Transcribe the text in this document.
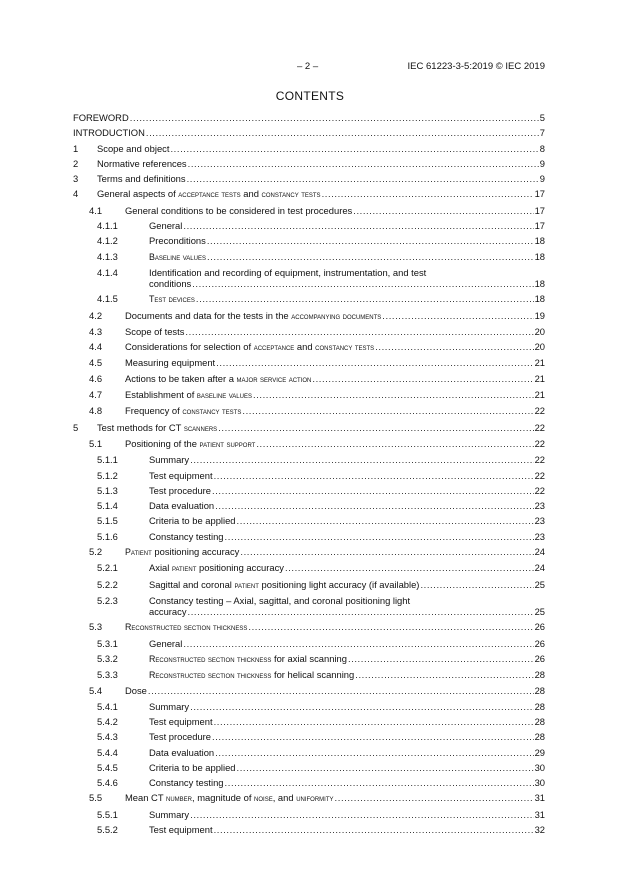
– 2 –	IEC 61223-3-5:2019 © IEC 2019
CONTENTS
FOREWORD .....	5
INTRODUCTION .....	7
1 Scope and object .....	8
2 Normative references .....	9
3 Terms and definitions .....	9
4 General aspects of acceptance tests and constancy tests .....	17
4.1 General conditions to be considered in test procedures .....	17
4.1.1	General .....	17
4.1.2	Preconditions .....	18
4.1.3	Baseline values .....	18
4.1.4	Identification and recording of equipment, instrumentation, and test
conditions .....	18
4.1.5	Test devices .....	18
4.2 Documents and data for the tests in the accompanying documents .....	19
4.3 Scope of tests .....	20
4.4 Considerations for selection of acceptance and constancy tests .....	20
4.5 Measuring equipment .....	21
4.6 Actions to be taken after a major service action .....	21
4.7 Establishment of baseline values .....	21
4.8 Frequency of constancy tests .....	22
5 Test methods for CT scanners .....	22
5.1 Positioning of the patient support .....	22
5.1.1	Summary .....	22
5.1.2	Test equipment .....	22
5.1.3	Test procedure .....	22
5.1.4	Data evaluation .....	23
5.1.5	Criteria to be applied .....	23
5.1.6	Constancy testing .....	23
5.2	Patient positioning accuracy .....	24
5.2.1	Axial patient positioning accuracy .....	24
5.2.2	Sagittal and coronal patient positioning light accuracy (if available) .....	25
5.2.3	Constancy testing – Axial, sagittal, and coronal positioning light
accuracy .....	25
5.3	Reconstructed section thickness .....	26
5.3.1	General .....	26
5.3.2	Reconstructed section thickness for axial scanning .....	26
5.3.3	Reconstructed section thickness for helical scanning .....	28
5.4 Dose .....	28
5.4.1	Summary .....	28
5.4.2	Test equipment .....	28
5.4.3	Test procedure .....	28
5.4.4	Data evaluation .....	29
5.4.5	Criteria to be applied .....	30
5.4.6	Constancy testing .....	30
5.5 Mean CT number, magnitude of noise, and uniformity .....	31
5.5.1	Summary .....	31
5.5.2	Test equipment .....	32
